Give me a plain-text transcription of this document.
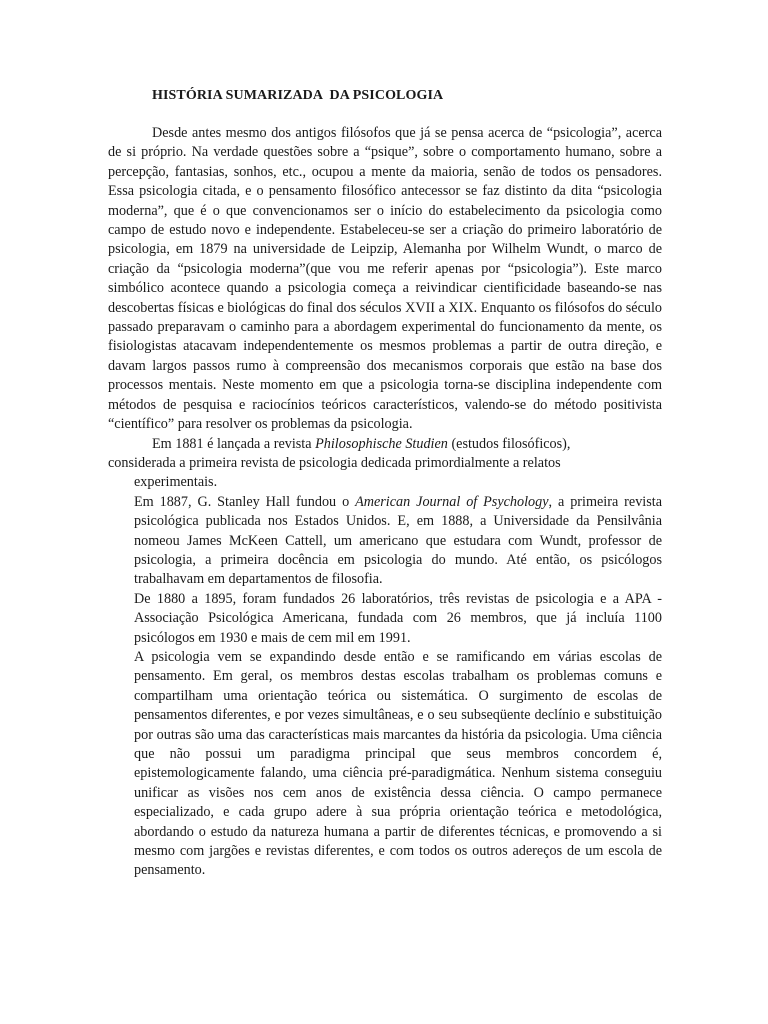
HISTÓRIA SUMARIZADA  DA PSICOLOGIA

Desde antes mesmo dos antigos filósofos que já se pensa acerca de “psicologia”, acerca de si próprio. Na verdade questões sobre a “psique”, sobre o comportamento humano, sobre a percepção, fantasias, sonhos, etc., ocupou a mente da maioria, senão de todos os pensadores. Essa psicologia citada, e o pensamento filosófico antecessor se faz distinto da dita “psicologia moderna”, que é o que convencionamos ser o início do estabelecimento da psicologia como campo de estudo novo e independente. Estabeleceu-se ser a criação do primeiro laboratório de psicologia, em 1879 na universidade de Leipzip, Alemanha por Wilhelm Wundt, o marco de criação da “psicologia moderna”(que vou me referir apenas por “psicologia”). Este marco simbólico acontece quando a psicologia começa a reivindicar cientificidade baseando-se nas descobertas físicas e biológicas do final dos séculos XVII a XIX. Enquanto os filósofos do século passado preparavam o caminho para a abordagem experimental do funcionamento da mente, os fisiologistas atacavam independentemente os mesmos problemas a partir de outra direção, e davam largos passos rumo à compreensão dos mecanismos corporais que estão na base dos processos mentais. Neste momento em que a psicologia torna-se disciplina independente com métodos de pesquisa e raciocínios teóricos característicos, valendo-se do método positivista “científico” para resolver os problemas da psicologia.

Em 1881 é lançada a revista Philosophische Studien (estudos filosóficos),

considerada a primeira revista de psicologia dedicada primordialmente a relatos

experimentais.

Em 1887, G. Stanley Hall fundou o American Journal of Psychology, a primeira revista psicológica publicada nos Estados Unidos. E, em 1888, a Universidade da Pensilvânia nomeou James McKeen Cattell, um americano que estudara com Wundt, professor de psicologia, a primeira docência em psicologia do mundo. Até então, os psicólogos trabalhavam em departamentos de filosofia.

De 1880 a 1895, foram fundados 26 laboratórios, três revistas de psicologia e a APA - Associação Psicológica Americana, fundada com 26 membros, que já incluía 1100 psicólogos em 1930 e mais de cem mil em 1991.

A psicologia vem se expandindo desde então e se ramificando em várias escolas de pensamento. Em geral, os membros destas escolas trabalham os problemas comuns e compartilham uma orientação teórica ou sistemática. O surgimento de escolas de pensamentos diferentes, e por vezes simultâneas, e o seu subseqüente declínio e substituição por outras são uma das características mais marcantes da história da psicologia. Uma ciência que não possui um paradigma principal que seus membros concordem é, epistemologicamente falando, uma ciência pré-paradigmática. Nenhum sistema conseguiu unificar as visões nos cem anos de existência dessa ciência. O campo permanece especializado, e cada grupo adere à sua própria orientação teórica e metodológica, abordando o estudo da natureza humana a partir de diferentes técnicas, e promovendo a si mesmo com jargões e revistas diferentes, e com todos os outros adereços de um escola de pensamento.
